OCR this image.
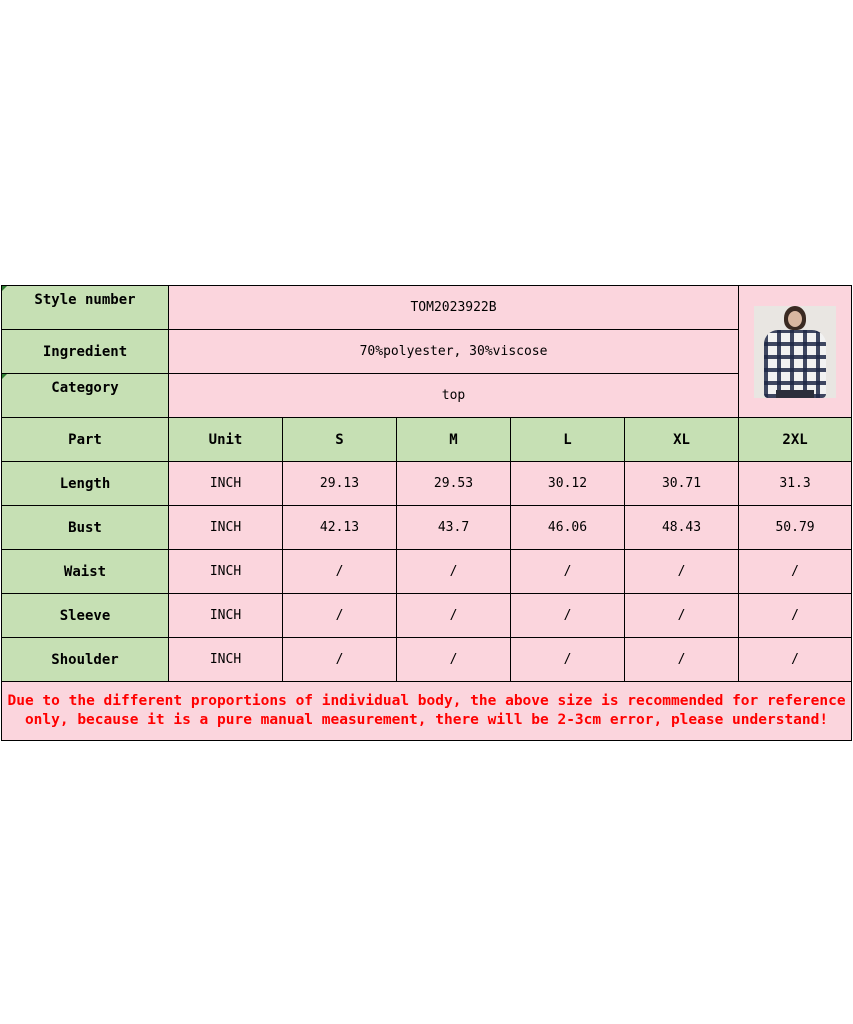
Style number	TOM2023922B					

Ingredient	70%polyester, 30%viscose					

Category	top					
Part	Unit	S	M	L	XL	2XL
Length	INCH	29.13	29.53	30.12	30.71	31.3
Bust	INCH	42.13	43.7	46.06	48.43	50.79
Waist	INCH	/	/	/	/	/
Sleeve	INCH	/	/	/	/	/
Shoulder	INCH	/	/	/	/	/
Due to the different proportions of individual body, the above size is recommended for reference only, because it is a pure manual measurement, there will be 2-3cm error, please understand!						
